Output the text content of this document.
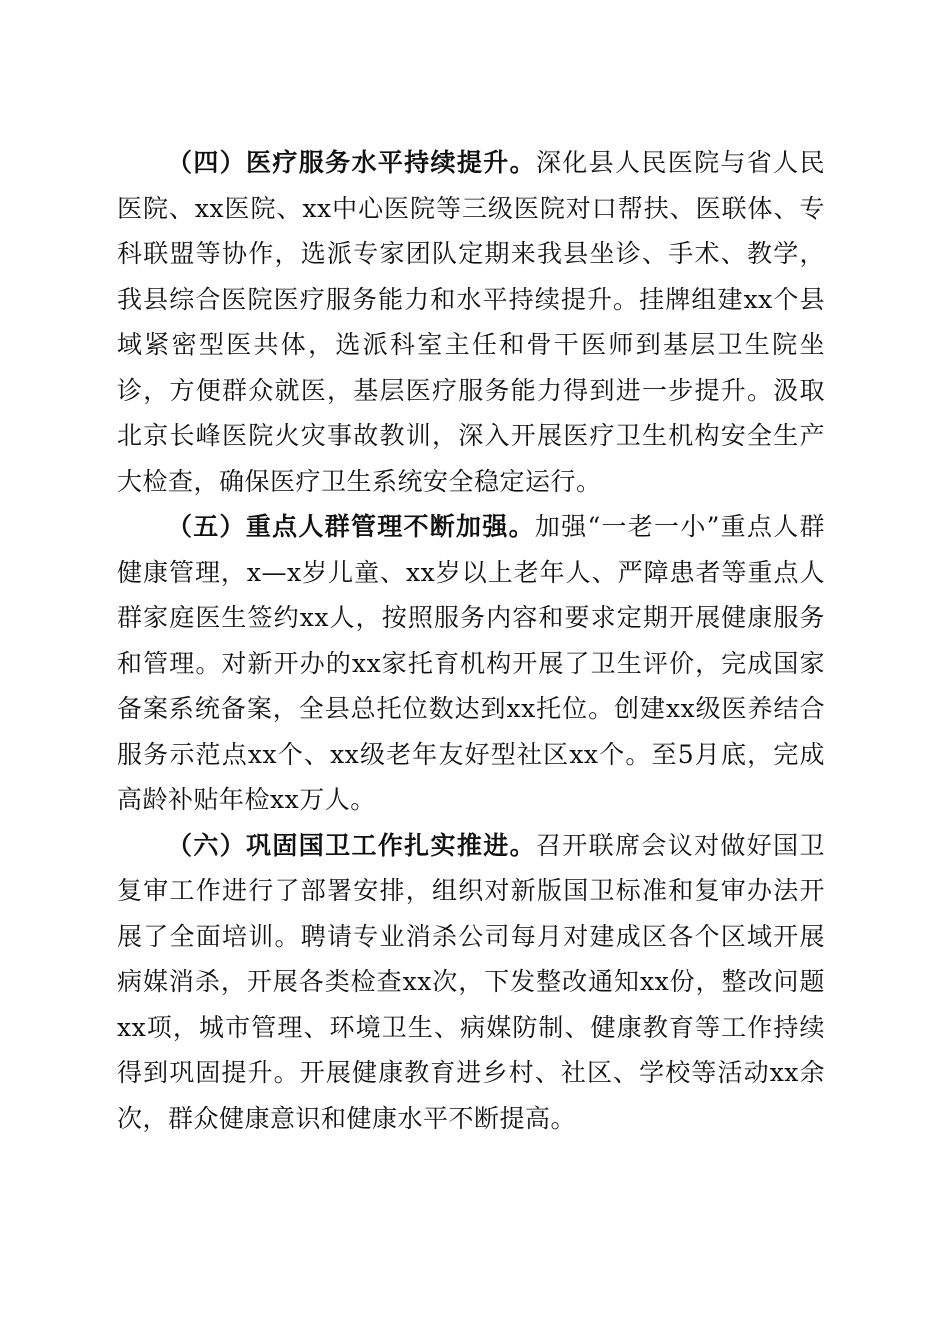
（四）医疗服务水平持续提升。深化县人民医院与省人民医院、xx医院、xx中心医院等三级医院对口帮扶、医联体、专科联盟等协作，选派专家团队定期来我县坐诊、手术、教学，我县综合医院医疗服务能力和水平持续提升。挂牌组建xx个县域紧密型医共体，选派科室主任和骨干医师到基层卫生院坐诊，方便群众就医，基层医疗服务能力得到进一步提升。汲取北京长峰医院火灾事故教训，深入开展医疗卫生机构安全生产大检查，确保医疗卫生系统安全稳定运行。

（五）重点人群管理不断加强。加强“一老一小”重点人群健康管理，x—x岁儿童、xx岁以上老年人、严障患者等重点人群家庭医生签约xx人，按照服务内容和要求定期开展健康服务和管理。对新开办的xx家托育机构开展了卫生评价，完成国家备案系统备案，全县总托位数达到xx托位。创建xx级医养结合服务示范点xx个、xx级老年友好型社区xx个。至5月底，完成高龄补贴年检xx万人。

（六）巩固国卫工作扎实推进。召开联席会议对做好国卫复审工作进行了部署安排，组织对新版国卫标准和复审办法开展了全面培训。聘请专业消杀公司每月对建成区各个区域开展病媒消杀，开展各类检查xx次，下发整改通知xx份，整改问题xx项，城市管理、环境卫生、病媒防制、健康教育等工作持续得到巩固提升。开展健康教育进乡村、社区、学校等活动xx余次，群众健康意识和健康水平不断提高。
